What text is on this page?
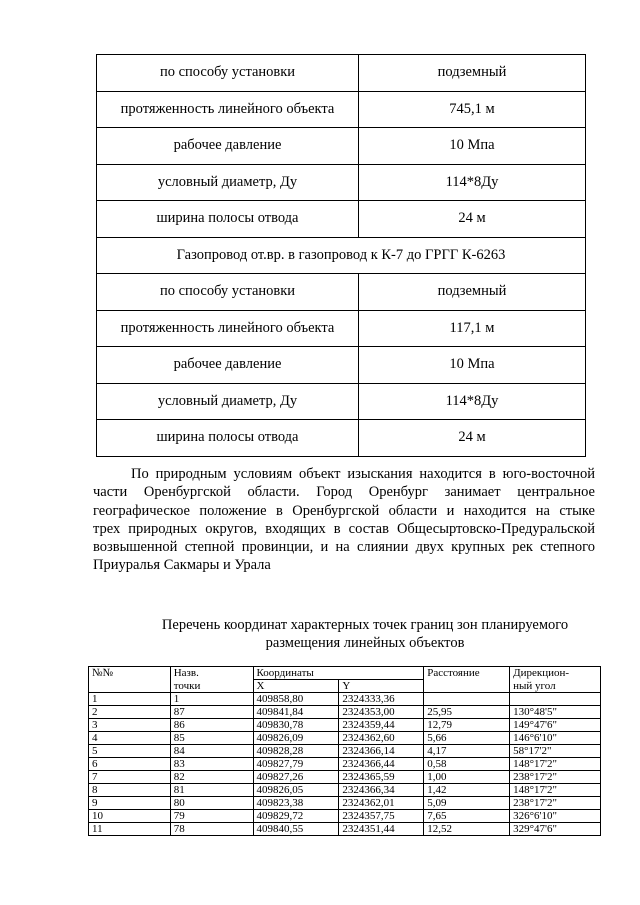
по способу установки	подземный
протяженность линейного объекта	745,1 м
рабочее давление	10 Мпа
условный диаметр, Ду	114*8Ду
ширина полосы отвода	24 м
Газопровод от.вр. в газопровод к К-7 до ГРГГ К-6263	
по способу установки	подземный
протяженность линейного объекта	117,1 м
рабочее давление	10 Мпа
условный диаметр, Ду	114*8Ду
ширина полосы отвода	24 м
По природным условиям объект изыскания находится в юго-восточной
части Оренбургской области. Город Оренбург занимает центральное
географическое положение в Оренбургской области и находится на стыке
трех природных округов, входящих в состав Общесыртовско-Предуральской
возвышенной степной провинции, и на слиянии двух крупных рек степного
Приуралья Сакмары и Урала
Перечень координат характерных точек границ зон планируемого
размещения линейных объектов
№№	Назв.	Координаты		Расстояние	Дирекцион-
	точки	X	Y		ный угол
1	1	409858,80	2324333,36		
2	87	409841,84	2324353,00	25,95	130°48'5"
3	86	409830,78	2324359,44	12,79	149°47'6"
4	85	409826,09	2324362,60	5,66	146°6'10"
5	84	409828,28	2324366,14	4,17	58°17'2"
6	83	409827,79	2324366,44	0,58	148°17'2"
7	82	409827,26	2324365,59	1,00	238°17'2"
8	81	409826,05	2324366,34	1,42	148°17'2"
9	80	409823,38	2324362,01	5,09	238°17'2"
10	79	409829,72	2324357,75	7,65	326°6'10"
11	78	409840,55	2324351,44	12,52	329°47'6"
